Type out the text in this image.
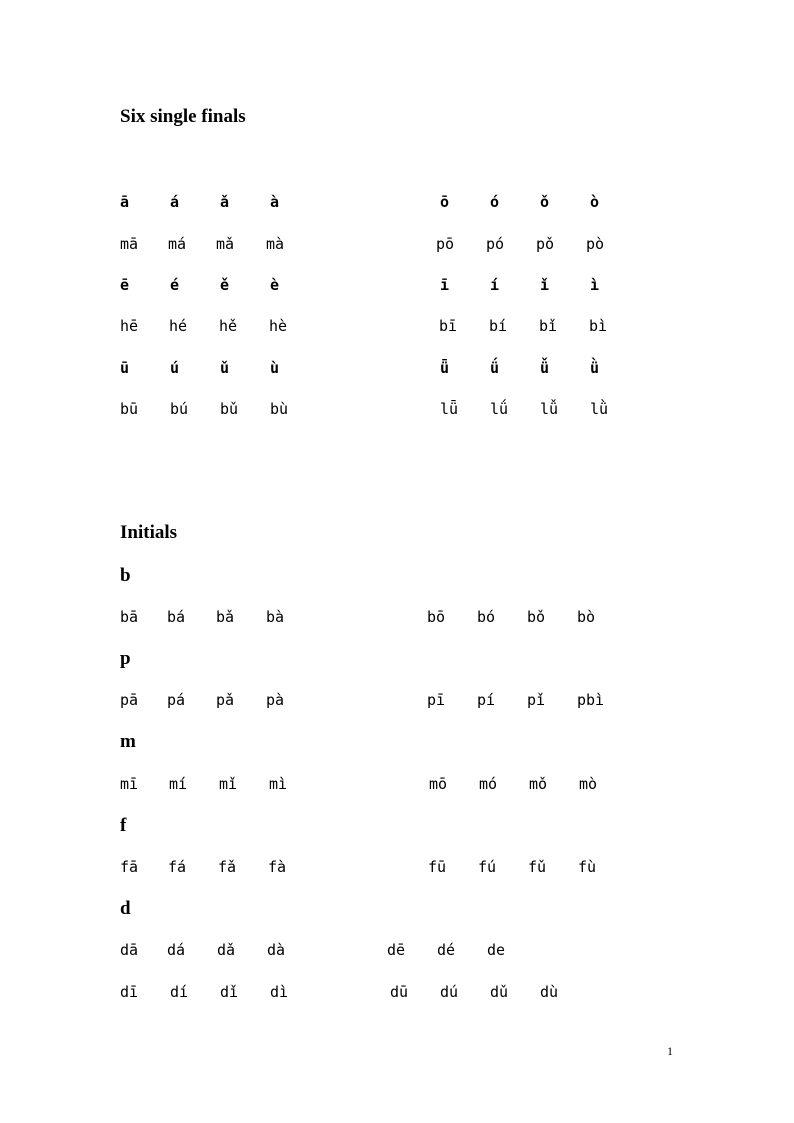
Six single finals
ā	á	ǎ	à	ō	ó	ǒ	ò
mā má mǎ mà	pō pó pǒ pò
ē	é	ě	è	ī	í	ǐ	ì
hē hé hě hè	bī bí bǐ bì
ū	ú	ǔ	ù	ǖ	ǘ	ǚ	ǜ
bū bú bǔ bù	lǖ lǘ lǚ lǜ
Initials
b
bā bá bǎ bà	bō bó bǒ bò
p
pā pá pǎ pà	pī pí pǐ pbì
m
mī mí mǐ mì	mō mó mǒ mò
f
fā fá fǎ fà	fū fú fǔ fù
d
dā dá dǎ dà	dē dé de
dī dí dǐ dì	dū dú dǔ dù
1
